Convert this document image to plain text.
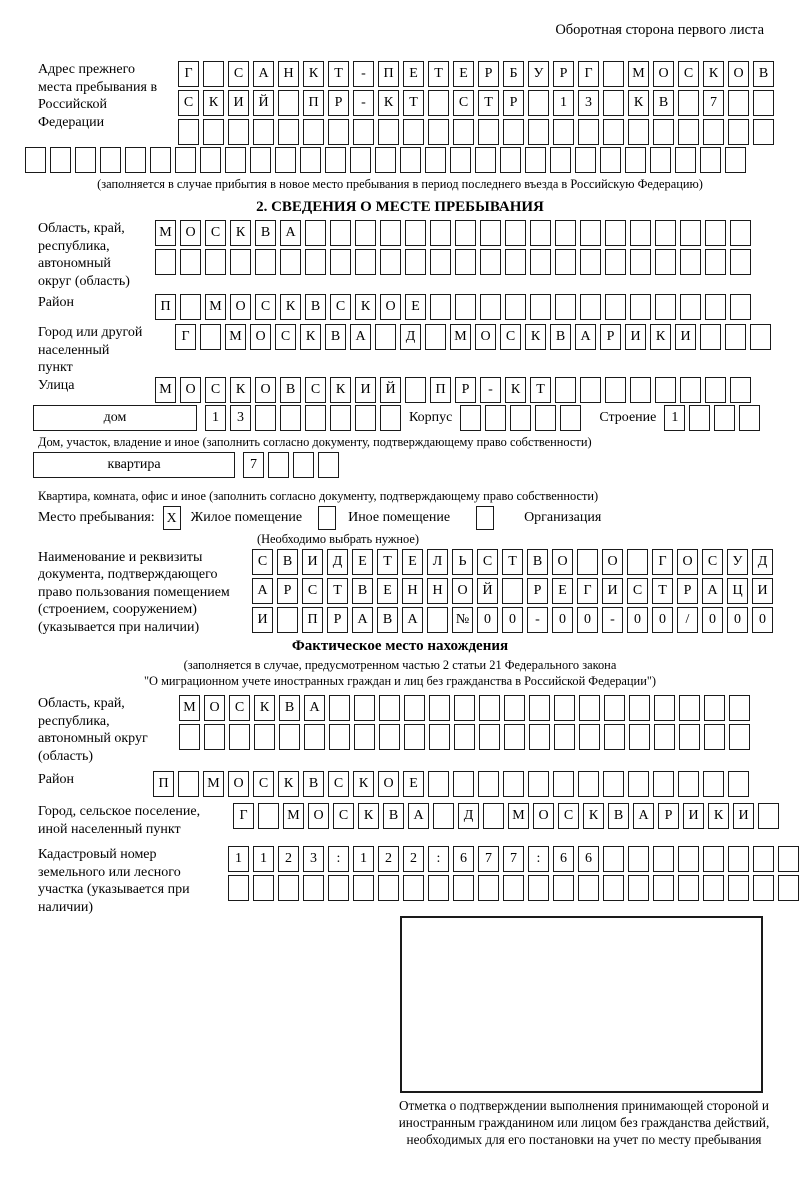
Оборотная сторона первого листа
Адрес прежнего места пребывания в Российской Федерации
Г	С	А	Н	К	Т	-	П	Е	Т	Е	Р	Б	У	Р	Г	М О	С	К	О	В
С	К	И	Й	П	Р	-	К	Т	С	Т	Р	1	3	К	В	7
(заполняется в случае прибытия в новое место пребывания в период последнего въезда в Российскую Федерацию)
2. СВЕДЕНИЯ О МЕСТЕ ПРЕБЫВАНИЯ
Область, край, республика, автономный округ (область)
М О	С	К	В	А
Район	П	М О	С	К	В	С	К	О	Е
Город или другой населенный пункт
Г	М О	С	К	В	А	Д	М О	С	К	В	А	Р	И	К	И
Улица	М О	С	К	О	В	С	К	И	Й	П	Р	-	К	Т
дом	1	3	Корпус	Строение	1
Дом, участок, владение и иное (заполнить согласно документу, подтверждающему право собственности)
квартира	7
Квартира, комната, офис и иное (заполнить согласно документу, подтверждающему право собственности)
Место пребывания: X Жилое помещение	Иное помещение	Организация
(Необходимо выбрать нужное)
Наименование и реквизиты документа, подтверждающего право пользования помещением (строением, сооружением) (указывается при наличии)
С	В	И	Д	Е	Т	Е	Л	Ь	С	Т	В	О	О	Г	О	С	У	Д
А	Р	С	Т	В	Е	Н	Н	О	Й	Р	Е	Г	И	С	Т	Р	А	Ц	И
И	П	Р	А	В	А	№	0	0	-	0	0	-	0	0	/	0	0	0
Фактическое место нахождения
(заполняется в случае, предусмотренном частью 2 статьи 21 Федерального закона
"О миграционном учете иностранных граждан и лиц без гражданства в Российской Федерации")
Область, край, республика, автономный округ (область)
М О	С	К	В	А
Район	П	М О	С	К	В	С	К	О	Е
Город, сельское поселение, иной населенный пункт
Г	М О	С	К	В	А	Д	М О	С	К	В	А	Р	И	К	И
Кадастровый номер земельного или лесного участка (указывается при наличии)
1	1	2	3	:	1	2	2	:	6	7	7	:	6	6
Отметка о подтверждении выполнения принимающей стороной и иностранным гражданином или лицом без гражданства действий, необходимых для его постановки на учет по месту пребывания
